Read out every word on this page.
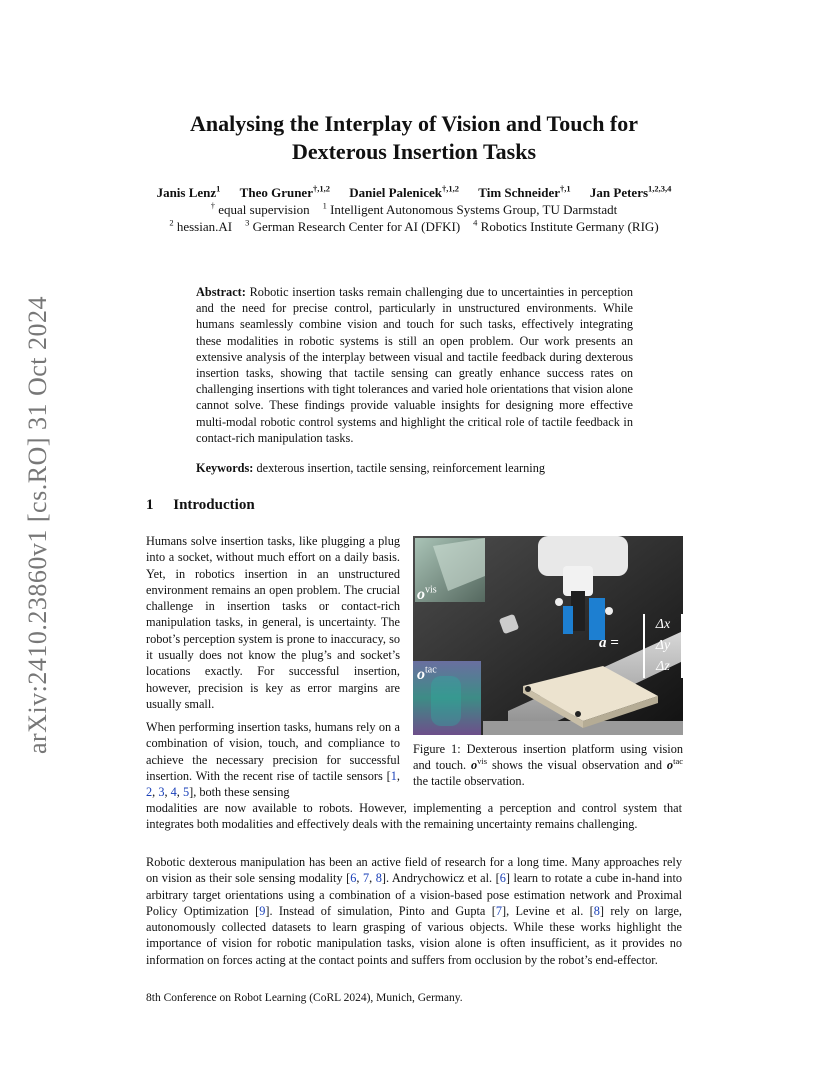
arXiv:2410.23860v1 [cs.RO] 31 Oct 2024
Analysing the Interplay of Vision and Touch for Dexterous Insertion Tasks
Janis Lenz$^1$ Theo Gruner$^{\dagger,1,2}$ Daniel Palenicek$^{\dagger,1,2}$ Tim Schneider$^{\dagger,1}$ Jan Peters$^{1,2,3,4}$
† equal supervision $^1$ Intelligent Autonomous Systems Group, TU Darmstadt
$^2$ hessian.AI $^3$ German Research Center for AI (DFKI) $^4$ Robotics Institute Germany (RIG)
Abstract: Robotic insertion tasks remain challenging due to uncertainties in perception and the need for precise control, particularly in unstructured environments. While humans seamlessly combine vision and touch for such tasks, effectively integrating these modalities in robotic systems is still an open problem. Our work presents an extensive analysis of the interplay between visual and tactile feedback during dexterous insertion tasks, showing that tactile sensing can greatly enhance success rates on challenging insertions with tight tolerances and varied hole orientations that vision alone cannot solve. These findings provide valuable insights for designing more effective multi-modal robotic control systems and highlight the critical role of tactile feedback in contact-rich manipulation tasks.
Keywords: dexterous insertion, tactile sensing, reinforcement learning
1 Introduction
Humans solve insertion tasks, like plugging a plug into a socket, without much effort on a daily basis. Yet, in robotics insertion in an unstructured environment remains an open problem. The crucial challenge in insertion tasks or contact-rich manipulation tasks, in general, is uncertainty. The robot’s perception system is prone to inaccuracy, so it usually does not know the plug’s and socket’s locations exactly. For successful insertion, however, precision is key as error margins are usually small.
When performing insertion tasks, humans rely on a combination of vision, touch, and compliance to achieve the necessary precision for successful insertion. With the recent rise of tactile sensors [1, 2, 3, 4, 5], both these sensing
modalities are now available to robots. However, implementing a perception and control system that integrates both modalities and effectively deals with the remaining uncertainty remains challenging.
Robotic dexterous manipulation has been an active field of research for a long time. Many approaches rely on vision as their sole sensing modality [6, 7, 8]. Andrychowicz et al. [6] learn to rotate a cube in-hand into arbitrary target orientations using a combination of a vision-based pose estimation network and Proximal Policy Optimization [9]. Instead of simulation, Pinto and Gupta [7], Levine et al. [8] rely on large, autonomously collected datasets to learn grasping of various objects. While these works highlight the importance of vision for robotic manipulation tasks, vision alone is often insufficient, as it provides no information on forces acting at the contact points and suffers from occlusion by the robot’s end-effector.
$o^{vis}$
$o^{tac}$
a =
Δx
Δy
Δz
Figure 1: Dexterous insertion platform using vision and touch. $o^{vis}$ shows the visual observation and $o^{tac}$ the tactile observation.
8th Conference on Robot Learning (CoRL 2024), Munich, Germany.
